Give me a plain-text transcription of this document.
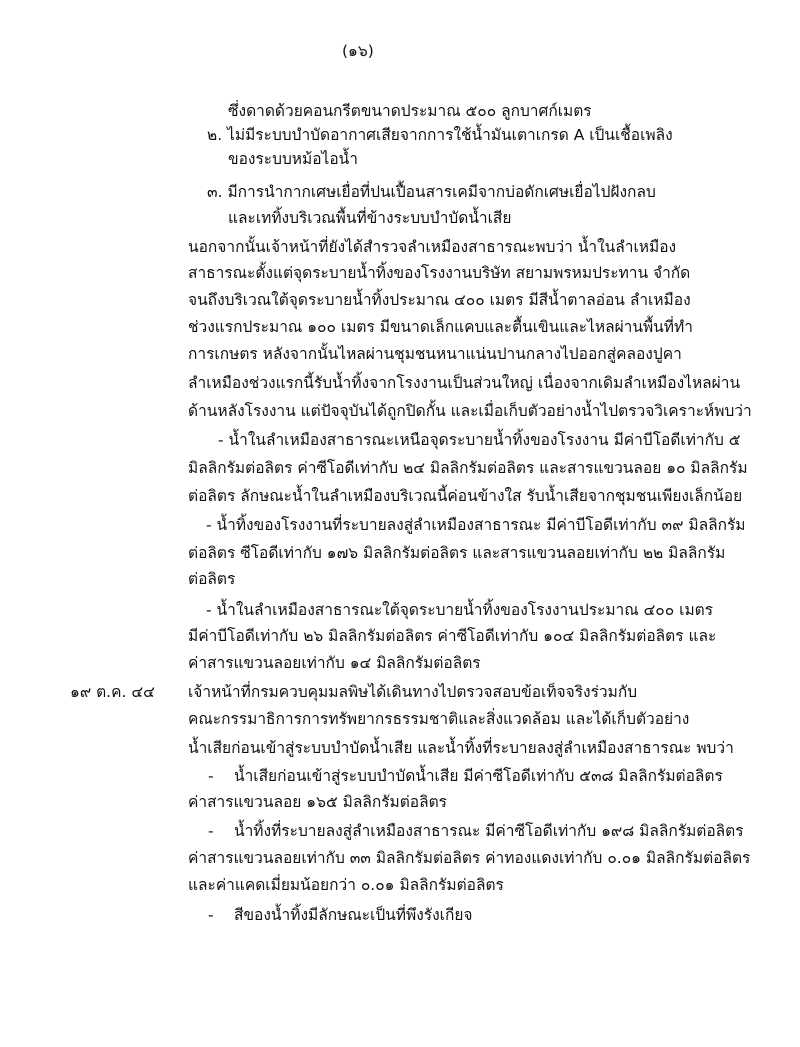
(๑๖)
ซึ่งดาดด้วยคอนกรีตขนาดประมาณ ๕๐๐ ลูกบาศก์เมตร
๒. ไม่มีระบบบำบัดอากาศเสียจากการใช้น้ำมันเตาเกรด A เป็นเชื้อเพลิง
ของระบบหม้อไอน้ำ
๓. มีการนำกากเศษเยื่อที่ปนเปื้อนสารเคมีจากบ่อดักเศษเยื่อไปฝังกลบ
และเททิ้งบริเวณพื้นที่ข้างระบบบำบัดน้ำเสีย
นอกจากนั้นเจ้าหน้าที่ยังได้สำรวจลำเหมืองสาธารณะพบว่า น้ำในลำเหมือง
สาธารณะตั้งแต่จุดระบายน้ำทิ้งของโรงงานบริษัท สยามพรหมประทาน จำกัด
จนถึงบริเวณใต้จุดระบายน้ำทิ้งประมาณ ๔๐๐ เมตร มีสีน้ำตาลอ่อน ลำเหมือง
ช่วงแรกประมาณ ๑๐๐ เมตร มีขนาดเล็กแคบและตื้นเขินและไหลผ่านพื้นที่ทำ
การเกษตร หลังจากนั้นไหลผ่านชุมชนหนาแน่นปานกลางไปออกสู่คลองปูคา
ลำเหมืองช่วงแรกนี้รับน้ำทิ้งจากโรงงานเป็นส่วนใหญ่ เนื่องจากเดิมลำเหมืองไหลผ่าน
ด้านหลังโรงงาน แต่ปัจจุบันได้ถูกปิดกั้น และเมื่อเก็บตัวอย่างน้ำไปตรวจวิเคราะห์พบว่า
- น้ำในลำเหมืองสาธารณะเหนือจุดระบายน้ำทิ้งของโรงงาน มีค่าบีโอดีเท่ากับ ๕
มิลลิกรัมต่อลิตร ค่าซีโอดีเท่ากับ ๒๔ มิลลิกรัมต่อลิตร และสารแขวนลอย ๑๐ มิลลิกรัม
ต่อลิตร ลักษณะน้ำในลำเหมืองบริเวณนี้ค่อนข้างใส รับน้ำเสียจากชุมชนเพียงเล็กน้อย
- น้ำทิ้งของโรงงานที่ระบายลงสู่ลำเหมืองสาธารณะ มีค่าบีโอดีเท่ากับ ๓๙ มิลลิกรัม
ต่อลิตร ซีโอดีเท่ากับ ๑๗๖ มิลลิกรัมต่อลิตร และสารแขวนลอยเท่ากับ ๒๒ มิลลิกรัม
ต่อลิตร
- น้ำในลำเหมืองสาธารณะใต้จุดระบายน้ำทิ้งของโรงงานประมาณ ๔๐๐ เมตร
มีค่าบีโอดีเท่ากับ ๒๖ มิลลิกรัมต่อลิตร ค่าซีโอดีเท่ากับ ๑๐๔ มิลลิกรัมต่อลิตร และ
ค่าสารแขวนลอยเท่ากับ ๑๔ มิลลิกรัมต่อลิตร
๑๙ ต.ค. ๔๔ เจ้าหน้าที่กรมควบคุมมลพิษได้เดินทางไปตรวจสอบข้อเท็จจริงร่วมกับ
คณะกรรมาธิการการทรัพยากรธรรมชาติและสิ่งแวดล้อม และได้เก็บตัวอย่าง
น้ำเสียก่อนเข้าสู่ระบบบำบัดน้ำเสีย และน้ำทิ้งที่ระบายลงสู่ลำเหมืองสาธารณะ พบว่า
- น้ำเสียก่อนเข้าสู่ระบบบำบัดน้ำเสีย มีค่าซีโอดีเท่ากับ ๕๓๘ มิลลิกรัมต่อลิตร
ค่าสารแขวนลอย ๑๖๕ มิลลิกรัมต่อลิตร
- น้ำทิ้งที่ระบายลงสู่ลำเหมืองสาธารณะ มีค่าซีโอดีเท่ากับ ๑๙๘ มิลลิกรัมต่อลิตร
ค่าสารแขวนลอยเท่ากับ ๓๓ มิลลิกรัมต่อลิตร ค่าทองแดงเท่ากับ ๐.๐๑ มิลลิกรัมต่อลิตร
และค่าแคดเมี่ยมน้อยกว่า ๐.๐๑ มิลลิกรัมต่อลิตร
- สีของน้ำทิ้งมีลักษณะเป็นที่พึงรังเกียจ
